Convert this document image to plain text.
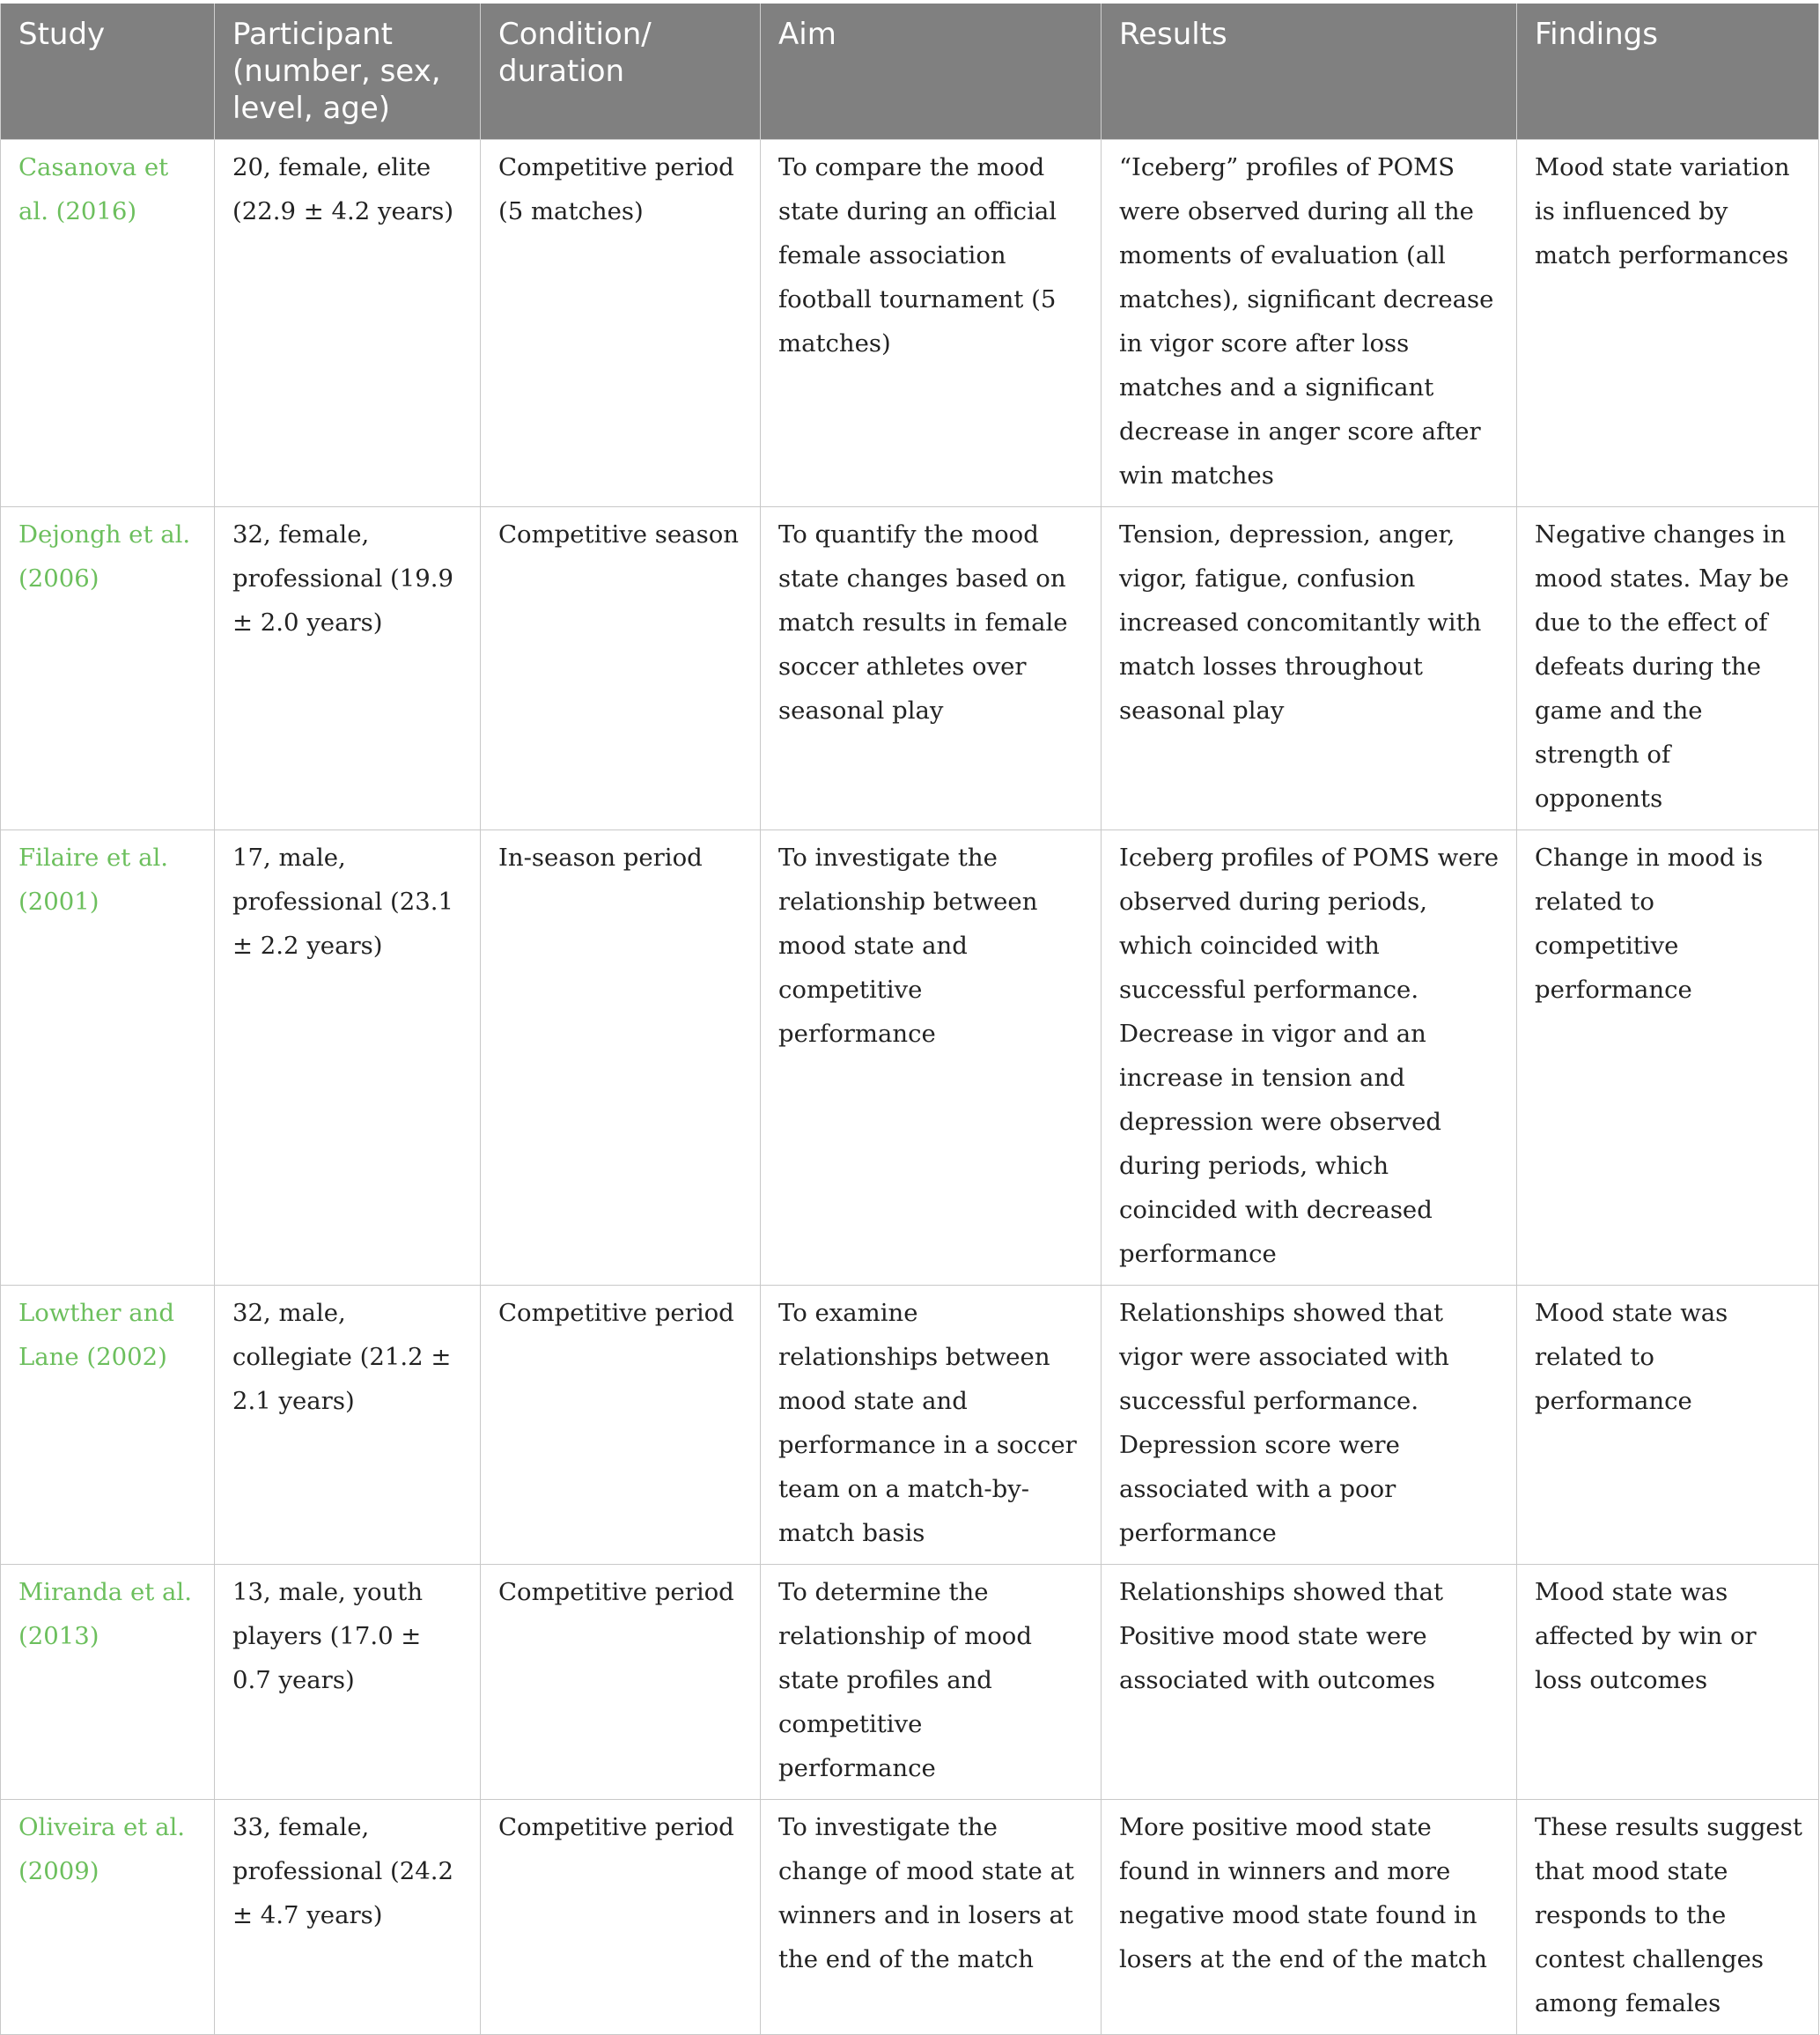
Study	Participant (number, sex, level, age)	Condition/ duration	Aim	Results	Findings
Casanova et al. (2016)	20, female, elite (22.9 ± 4.2 years)	Competitive period (5 matches)	To compare the mood state during an official female association football tournament (5 matches)	“Iceberg” profiles of POMS were observed during all the moments of evaluation (all matches), significant decrease in vigor score after loss matches and a significant decrease in anger score after win matches	Mood state variation is influenced by match performances
Dejongh et al. (2006)	32, female, professional (19.9 ± 2.0 years)	Competitive season	To quantify the mood state changes based on match results in female soccer athletes over seasonal play	Tension, depression, anger, vigor, fatigue, confusion increased concomitantly with match losses throughout seasonal play	Negative changes in mood states. May be due to the effect of defeats during the game and the strength of opponents
Filaire et al. (2001)	17, male, professional (23.1 ± 2.2 years)	In-season period	To investigate the relationship between mood state and competitive performance	Iceberg profiles of POMS were observed during periods, which coincided with successful performance. Decrease in vigor and an increase in tension and depression were observed during periods, which coincided with decreased performance	Change in mood is related to competitive performance
Lowther and Lane (2002)	32, male, collegiate (21.2 ± 2.1 years)	Competitive period	To examine relationships between mood state and performance in a soccer team on a match-by-match basis	Relationships showed that vigor were associated with successful performance. Depression score were associated with a poor performance	Mood state was related to performance
Miranda et al. (2013)	13, male, youth players (17.0 ± 0.7 years)	Competitive period	To determine the relationship of mood state profiles and competitive performance	Relationships showed that Positive mood state were associated with outcomes	Mood state was affected by win or loss outcomes
Oliveira et al. (2009)	33, female, professional (24.2 ± 4.7 years)	Competitive period	To investigate the change of mood state at winners and in losers at the end of the match	More positive mood state found in winners and more negative mood state found in losers at the end of the match	These results suggest that mood state responds to the contest challenges among females
